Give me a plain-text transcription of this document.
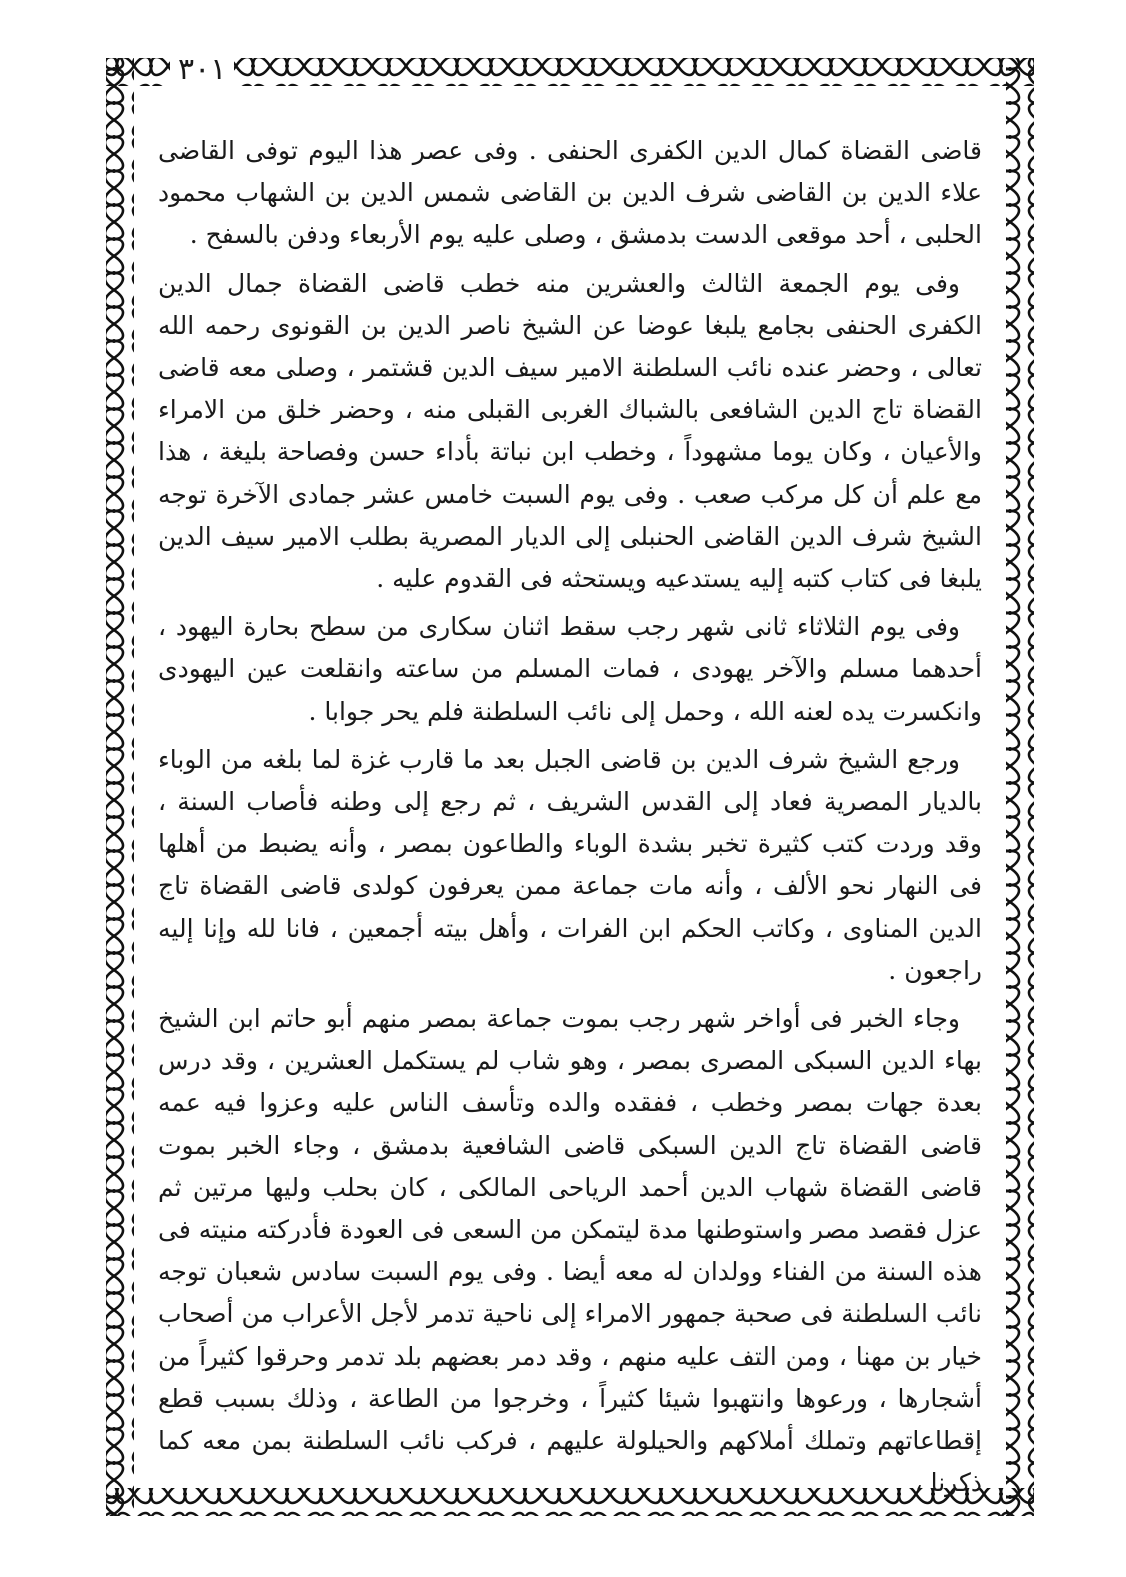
٣٠١

قاضى القضاة كمال الدين الكفرى الحنفى . وفى عصر هذا اليوم توفى القاضى علاء الدين بن القاضى شرف الدين بن القاضى شمس الدين بن الشهاب محمود الحلبى ، أحد موقعى الدست بدمشق ، وصلى عليه يوم الأربعاء ودفن بالسفح .

وفى يوم الجمعة الثالث والعشرين منه خطب قاضى القضاة جمال الدين الكفرى الحنفى بجامع يلبغا عوضا عن الشيخ ناصر الدين بن القونوى رحمه الله تعالى ، وحضر عنده نائب السلطنة الامير سيف الدين قشتمر ، وصلى معه قاضى القضاة تاج الدين الشافعى بالشباك الغربى القبلى منه ، وحضر خلق من الامراء والأعيان ، وكان يوما مشهوداً ، وخطب ابن نباتة بأداء حسن وفصاحة بليغة ، هذا مع علم أن كل مركب صعب . وفى يوم السبت خامس عشر جمادى الآخرة توجه الشيخ شرف الدين القاضى الحنبلى إلى الديار المصرية بطلب الامير سيف الدين يلبغا فى كتاب كتبه إليه يستدعيه ويستحثه فى القدوم عليه .

وفى يوم الثلاثاء ثانى شهر رجب سقط اثنان سكارى من سطح بحارة اليهود ، أحدهما مسلم والآخر يهودى ، فمات المسلم من ساعته وانقلعت عين اليهودى وانكسرت يده لعنه الله ، وحمل إلى نائب السلطنة فلم يحر جوابا .

ورجع الشيخ شرف الدين بن قاضى الجبل بعد ما قارب غزة لما بلغه من الوباء بالديار المصرية فعاد إلى القدس الشريف ، ثم رجع إلى وطنه فأصاب السنة ، وقد وردت كتب كثيرة تخبر بشدة الوباء والطاعون بمصر ، وأنه يضبط من أهلها فى النهار نحو الألف ، وأنه مات جماعة ممن يعرفون كولدى قاضى القضاة تاج الدين المناوى ، وكاتب الحكم ابن الفرات ، وأهل بيته أجمعين ، فانا لله وإنا إليه راجعون .

وجاء الخبر فى أواخر شهر رجب بموت جماعة بمصر منهم أبو حاتم ابن الشيخ بهاء الدين السبكى المصرى بمصر ، وهو شاب لم يستكمل العشرين ، وقد درس بعدة جهات بمصر وخطب ، ففقده والده وتأسف الناس عليه وعزوا فيه عمه قاضى القضاة تاج الدين السبكى قاضى الشافعية بدمشق ، وجاء الخبر بموت قاضى القضاة شهاب الدين أحمد الرياحى المالكى ، كان بحلب وليها مرتين ثم عزل فقصد مصر واستوطنها مدة ليتمكن من السعى فى العودة فأدركته منيته فى هذه السنة من الفناء وولدان له معه أيضا . وفى يوم السبت سادس شعبان توجه نائب السلطنة فى صحبة جمهور الامراء إلى ناحية تدمر لأجل الأعراب من أصحاب خيار بن مهنا ، ومن التف عليه منهم ، وقد دمر بعضهم بلد تدمر وحرقوا كثيراً من أشجارها ، ورعوها وانتهبوا شيئا كثيراً ، وخرجوا من الطاعة ، وذلك بسبب قطع إقطاعاتهم وتملك أملاكهم والحيلولة عليهم ، فركب نائب السلطنة بمن معه كما ذكرنا ،
